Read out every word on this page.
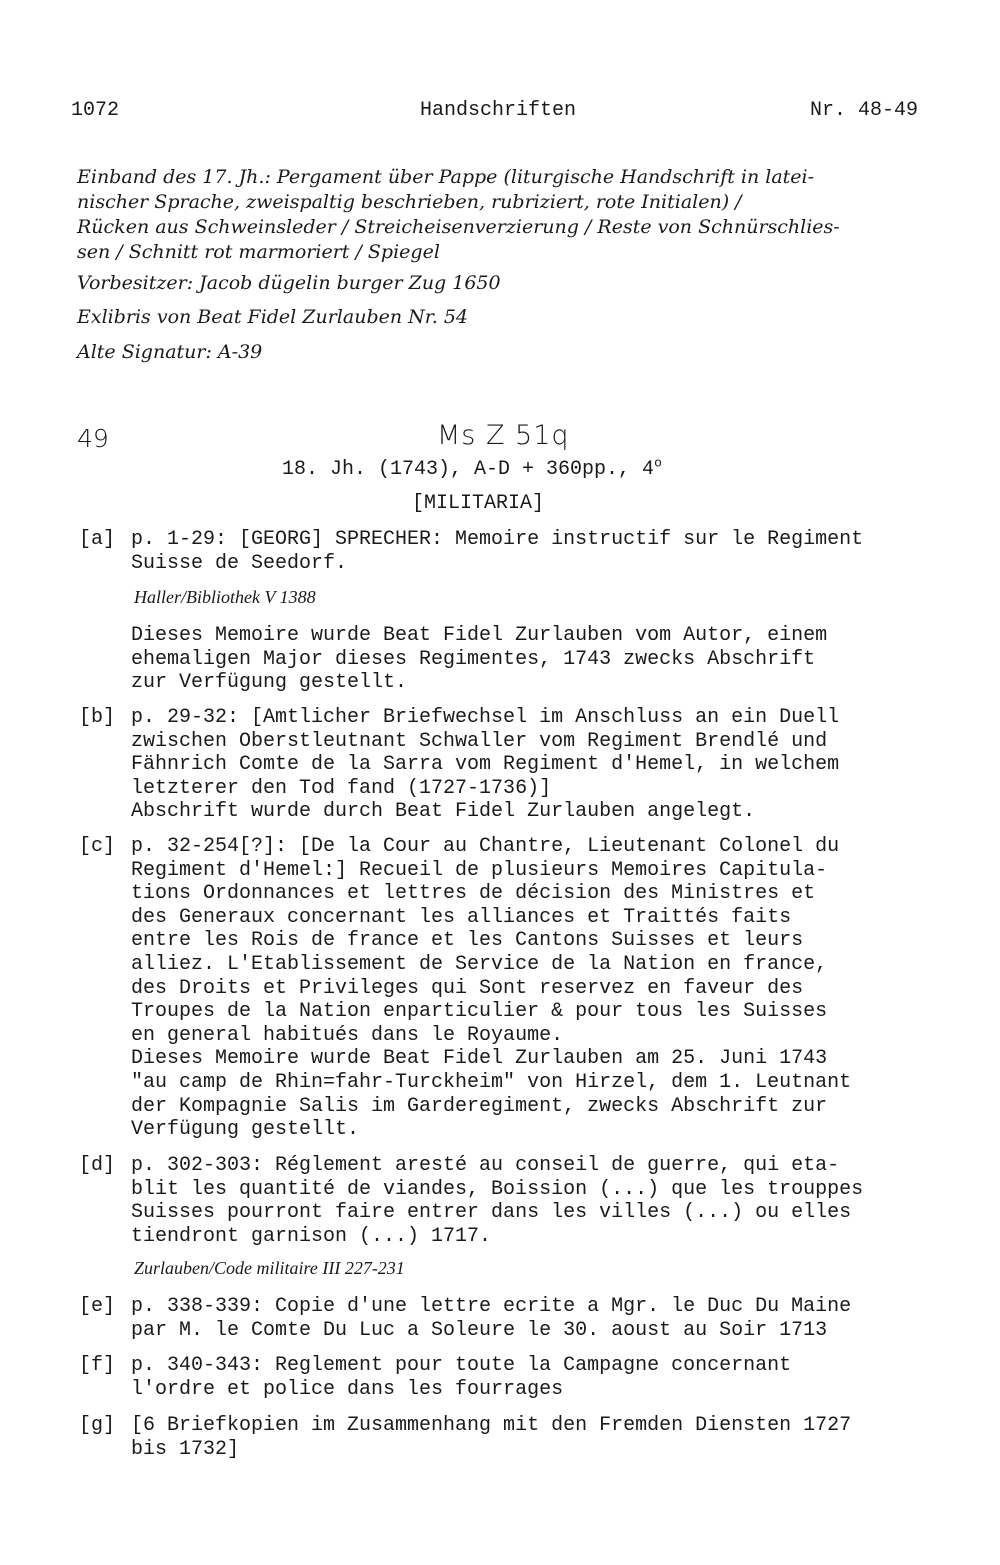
1072	Handschriften	Nr. 48-49
Einband des 17. Jh.: Pergament über Pappe (liturgische Handschrift in latei-
nischer Sprache, zweispaltig beschrieben, rubriziert, rote Initialen) /
Rücken aus Schweinsleder / Streicheisenverzierung / Reste von Schnürschlies-
sen / Schnitt rot marmoriert / Spiegel
Vorbesitzer: Jacob dügelin burger Zug 1650
Exlibris von Beat Fidel Zurlauben Nr. 54
Alte Signatur: A-39
49	Ms Z 51q
18. Jh. (1743), A-D + 360pp., 4$^o$
[MILITARIA]
[a] p. 1-29: [GEORG] SPRECHER: Memoire instructif sur le Regiment
Suisse de Seedorf.
Haller/Bibliothek V 1388
Dieses Memoire wurde Beat Fidel Zurlauben vom Autor, einem
ehemaligen Major dieses Regimentes, 1743 zwecks Abschrift
zur Verfügung gestellt.
[b] p. 29-32: [Amtlicher Briefwechsel im Anschluss an ein Duell
zwischen Oberstleutnant Schwaller vom Regiment Brendlé und
Fähnrich Comte de la Sarra vom Regiment d'Hemel, in welchem
letzterer den Tod fand (1727-1736)]
Abschrift wurde durch Beat Fidel Zurlauben angelegt.
[c] p. 32-254[?]: [De la Cour au Chantre, Lieutenant Colonel du
Regiment d'Hemel:] Recueil de plusieurs Memoires Capitula-
tions Ordonnances et lettres de décision des Ministres et
des Generaux concernant les alliances et Traittés faits
entre les Rois de france et les Cantons Suisses et leurs
alliez. L'Etablissement de Service de la Nation en france,
des Droits et Privileges qui Sont reservez en faveur des
Troupes de la Nation enparticulier & pour tous les Suisses
en general habitués dans le Royaume.
Dieses Memoire wurde Beat Fidel Zurlauben am 25. Juni 1743
"au camp de Rhin=fahr-Turckheim" von Hirzel, dem 1. Leutnant
der Kompagnie Salis im Garderegiment, zwecks Abschrift zur
Verfügung gestellt.
[d] p. 302-303: Réglement aresté au conseil de guerre, qui eta-
blit les quantité de viandes, Boission (...) que les trouppes
Suisses pourront faire entrer dans les villes (...) ou elles
tiendront garnison (...) 1717.
Zurlauben/Code militaire III 227-231
[e] p. 338-339: Copie d'une lettre ecrite a Mgr. le Duc Du Maine
par M. le Comte Du Luc a Soleure le 30. aoust au Soir 1713
[f] p. 340-343: Reglement pour toute la Campagne concernant
l'ordre et police dans les fourrages
[g] [6 Briefkopien im Zusammenhang mit den Fremden Diensten 1727
bis 1732]
